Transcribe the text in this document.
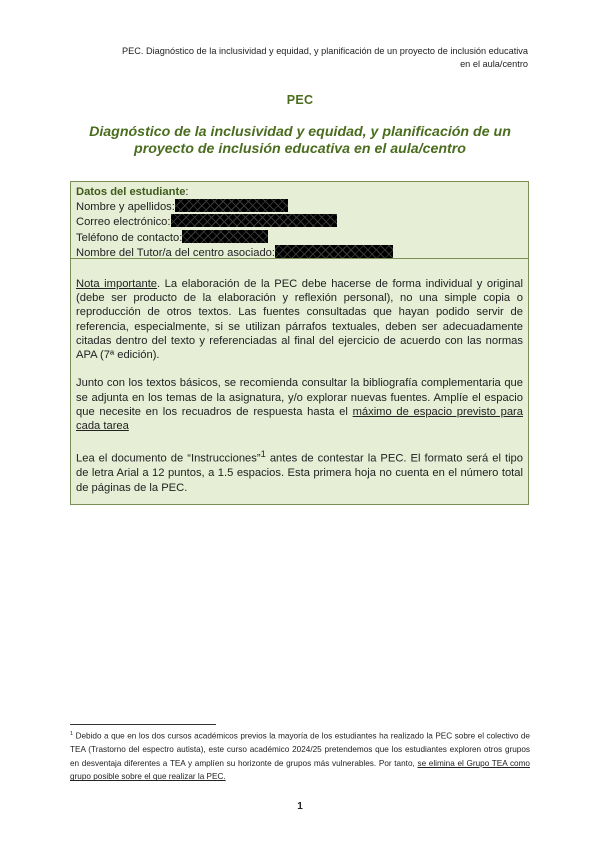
PEC. Diagnóstico de la inclusividad y equidad, y planificación de un proyecto de inclusión educativa
en el aula/centro
PEC
Diagnóstico de la inclusividad y equidad, y planificación de un proyecto de inclusión educativa en el aula/centro
Datos del estudiante:
Nombre y apellidos:
Correo electrónico:
Teléfono de contacto:
Nombre del Tutor/a del centro asociado:

Nota importante. La elaboración de la PEC debe hacerse de forma individual y original (debe ser producto de la elaboración y reflexión personal), no una simple copia o reproducción de otros textos. Las fuentes consultadas que hayan podido servir de referencia, especialmente, si se utilizan párrafos textuales, deben ser adecuadamente citadas dentro del texto y referenciadas al final del ejercicio de acuerdo con las normas APA (7ª edición).

Junto con los textos básicos, se recomienda consultar la bibliografía complementaria que se adjunta en los temas de la asignatura, y/o explorar nuevas fuentes. Amplíe el espacio que necesite en los recuadros de respuesta hasta el máximo de espacio previsto para cada tarea

Lea el documento de “Instrucciones”$^1$ antes de contestar la PEC. El formato será el tipo de letra Arial a 12 puntos, a 1.5 espacios. Esta primera hoja no cuenta en el número total de páginas de la PEC.

$^1$ Debido a que en los dos cursos académicos previos la mayoría de los estudiantes ha realizado la PEC sobre el colectivo de TEA (Trastorno del espectro autista), este curso académico 2024/25 pretendemos que los estudiantes exploren otros grupos en desventaja diferentes a TEA y amplíen su horizonte de grupos más vulnerables. Por tanto, se elimina el Grupo TEA como grupo posible sobre el que realizar la PEC.
1
